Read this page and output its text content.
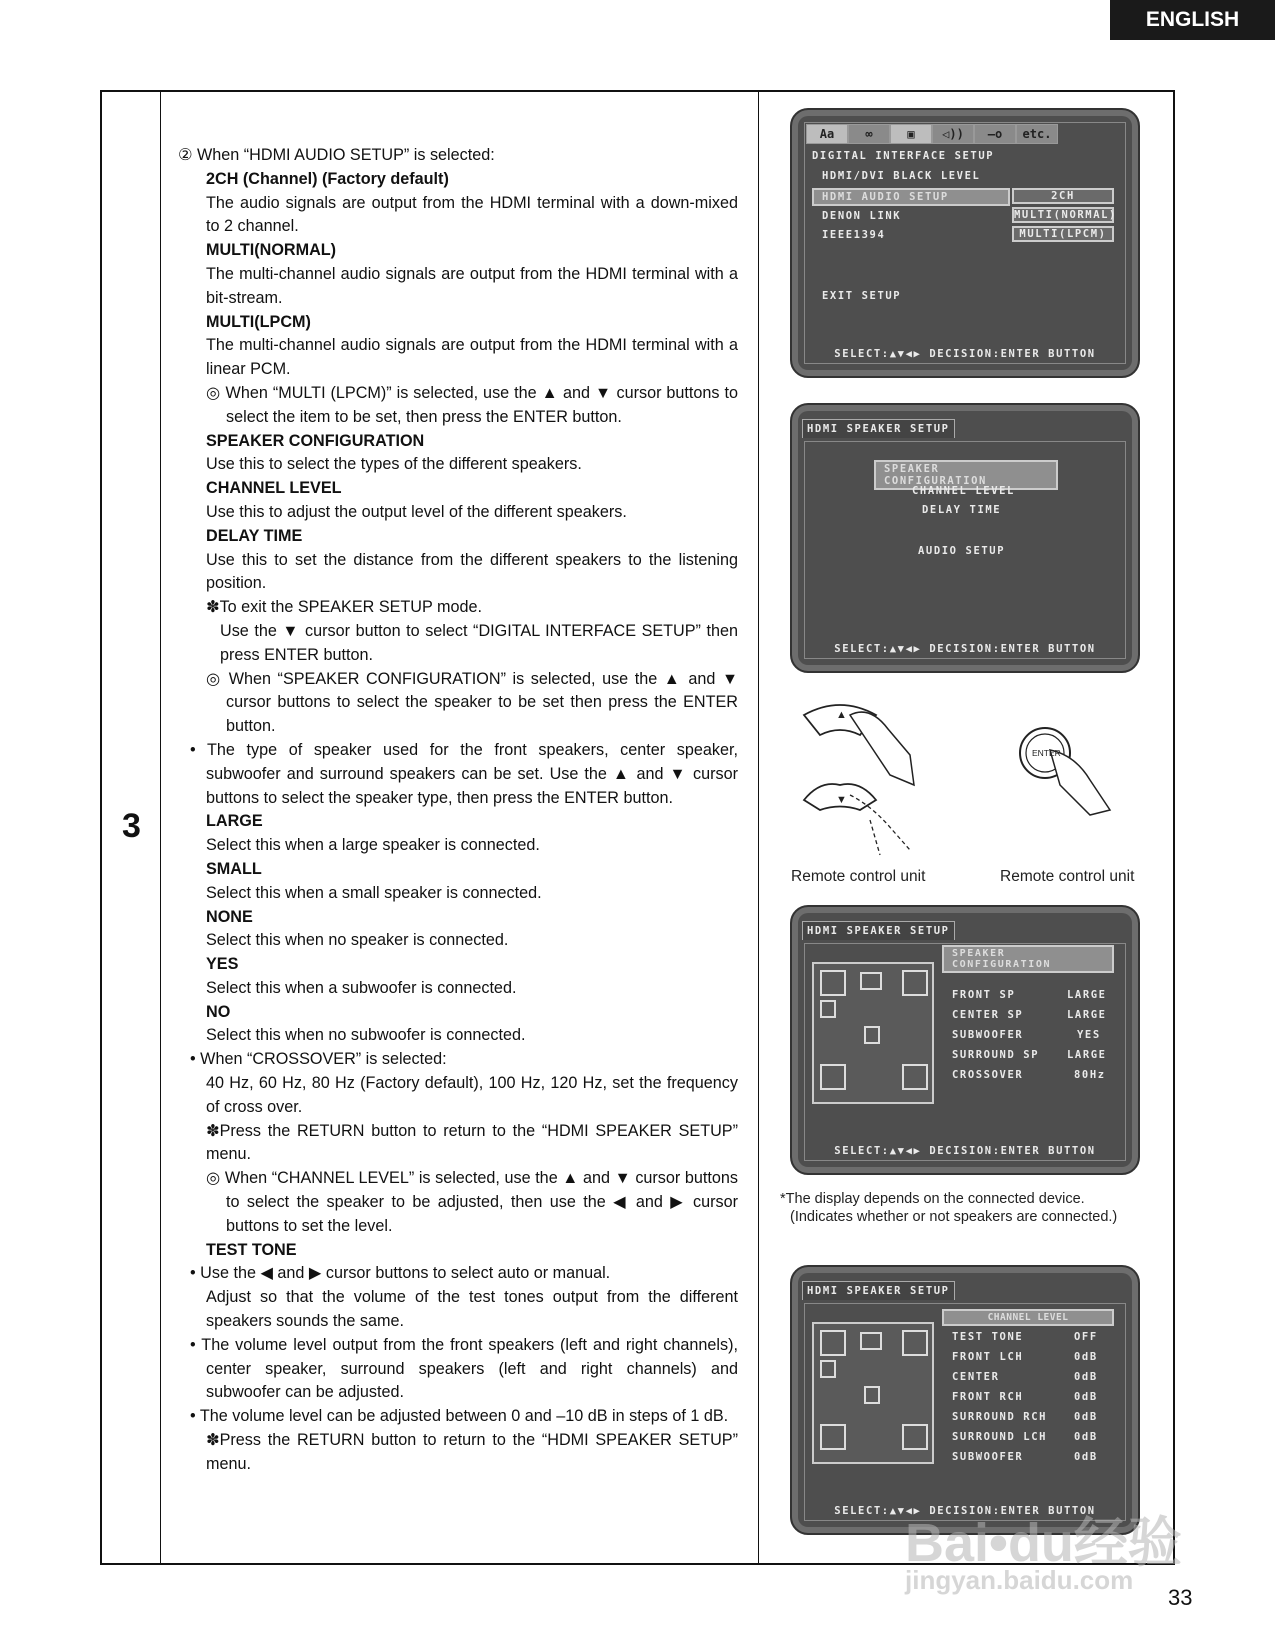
ENGLISH
3
② When “HDMI AUDIO SETUP” is selected:
2CH (Channel) (Factory default)
The audio signals are output from the HDMI terminal with a down-mixed to 2 channel.
MULTI(NORMAL)
The multi-channel audio signals are output from the HDMI terminal with a bit-stream.
MULTI(LPCM)
The multi-channel audio signals are output from the HDMI terminal with a linear PCM.
◎ When “MULTI (LPCM)” is selected, use the ▲ and ▼ cursor buttons to select the item to be set, then press the ENTER button.
SPEAKER CONFIGURATION
Use this to select the types of the different speakers.
CHANNEL LEVEL
Use this to adjust the output level of the different speakers.
DELAY TIME
Use this to set the distance from the different speakers to the listening position.
✽To exit the SPEAKER SETUP mode.
Use the ▼ cursor button to select “DIGITAL INTERFACE SETUP” then press ENTER button.
◎ When “SPEAKER CONFIGURATION” is selected, use the ▲ and ▼ cursor buttons to select the speaker to be set then press the ENTER button.
• The type of speaker used for the front speakers, center speaker, subwoofer and surround speakers can be set. Use the ▲ and ▼ cursor buttons to select the speaker type, then press the ENTER button.
LARGE
Select this when a large speaker is connected.
SMALL
Select this when a small speaker is connected.
NONE
Select this when no speaker is connected.
YES
Select this when a subwoofer is connected.
NO
Select this when no subwoofer is connected.
• When “CROSSOVER” is selected:
40 Hz, 60 Hz, 80 Hz (Factory default), 100 Hz, 120 Hz, set the frequency of cross over.
✽Press the RETURN button to return to the “HDMI SPEAKER SETUP” menu.
◎ When “CHANNEL LEVEL” is selected, use the ▲ and ▼ cursor buttons to select the speaker to be adjusted, then use the ◀ and ▶ cursor buttons to set the level.
TEST TONE
• Use the ◀ and ▶ cursor buttons to select auto or manual.
Adjust so that the volume of the test tones output from the different speakers sounds the same.
• The volume level output from the front speakers (left and right channels), center speaker, surround speakers (left and right channels) and subwoofer can be adjusted.
• The volume level can be adjusted between 0 and –10 dB in steps of 1 dB.
✽Press the RETURN button to return to the “HDMI SPEAKER SETUP” menu.
Aa	∞	▣	◁))	—o	etc.
DIGITAL INTERFACE SETUP
HDMI/DVI BLACK LEVEL
HDMI AUDIO SETUP
DENON LINK
IEEE1394
2CH
MULTI(NORMAL)
MULTI(LPCM)
EXIT SETUP
SELECT:▲▼◀▶ DECISION:ENTER BUTTON
HDMI SPEAKER SETUP
SPEAKER CONFIGURATION
CHANNEL LEVEL
DELAY TIME
AUDIO SETUP
SELECT:▲▼◀▶ DECISION:ENTER BUTTON
▲
▼
ENTER
Remote control unit	Remote control unit
HDMI SPEAKER SETUP
SPEAKER CONFIGURATION
FRONT SP	LARGE
CENTER SP	LARGE
SUBWOOFER	YES
SURROUND SP	LARGE
CROSSOVER	80Hz
SELECT:▲▼◀▶ DECISION:ENTER BUTTON
*The display depends on the connected device.
(Indicates whether or not speakers are connected.)
HDMI SPEAKER SETUP
CHANNEL LEVEL
TEST TONE	OFF
FRONT LCH	0dB
CENTER	0dB
FRONT RCH	0dB
SURROUND RCH	0dB
SURROUND LCH	0dB
SUBWOOFER	0dB
SELECT:▲▼◀▶ DECISION:ENTER BUTTON
Bai•du经验
jingyan.baidu.com
33
